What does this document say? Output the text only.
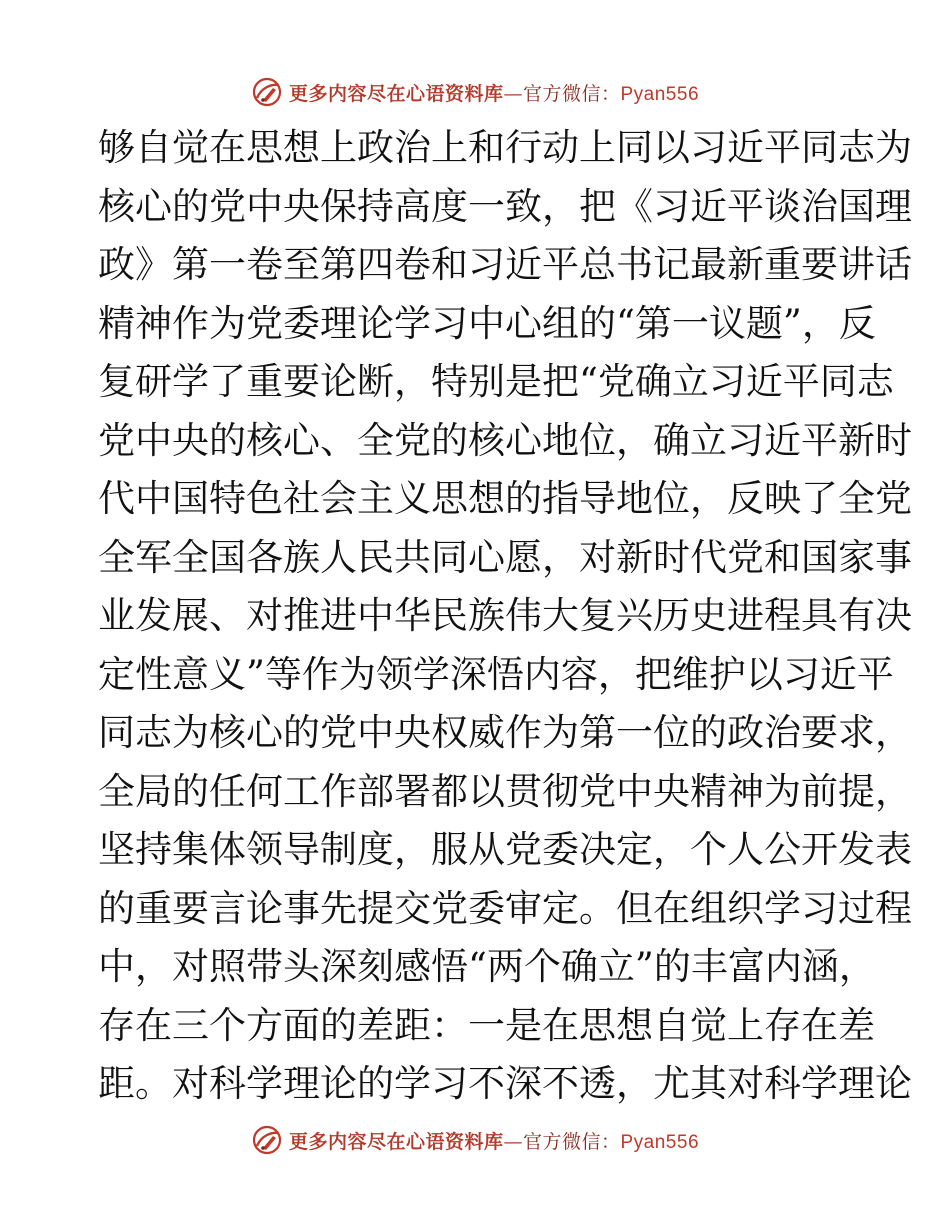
更多内容尽在心语资料库—官方微信：Pyan556
够自觉在思想上政治上和行动上同以习近平同志为
核心的党中央保持高度一致，把《习近平谈治国理
政》第一卷至第四卷和习近平总书记最新重要讲话
精神作为党委理论学习中心组的“第一议题”，反
复研学了重要论断，特别是把“党确立习近平同志
党中央的核心、全党的核心地位，确立习近平新时
代中国特色社会主义思想的指导地位，反映了全党
全军全国各族人民共同心愿，对新时代党和国家事
业发展、对推进中华民族伟大复兴历史进程具有决
定性意义”等作为领学深悟内容，把维护以习近平
同志为核心的党中央权威作为第一位的政治要求，
全局的任何工作部署都以贯彻党中央精神为前提，
坚持集体领导制度，服从党委决定，个人公开发表
的重要言论事先提交党委审定。但在组织学习过程
中，对照带头深刻感悟“两个确立”的丰富内涵，
存在三个方面的差距：一是在思想自觉上存在差
距。对科学理论的学习不深不透，尤其对科学理论
更多内容尽在心语资料库—官方微信：Pyan556
